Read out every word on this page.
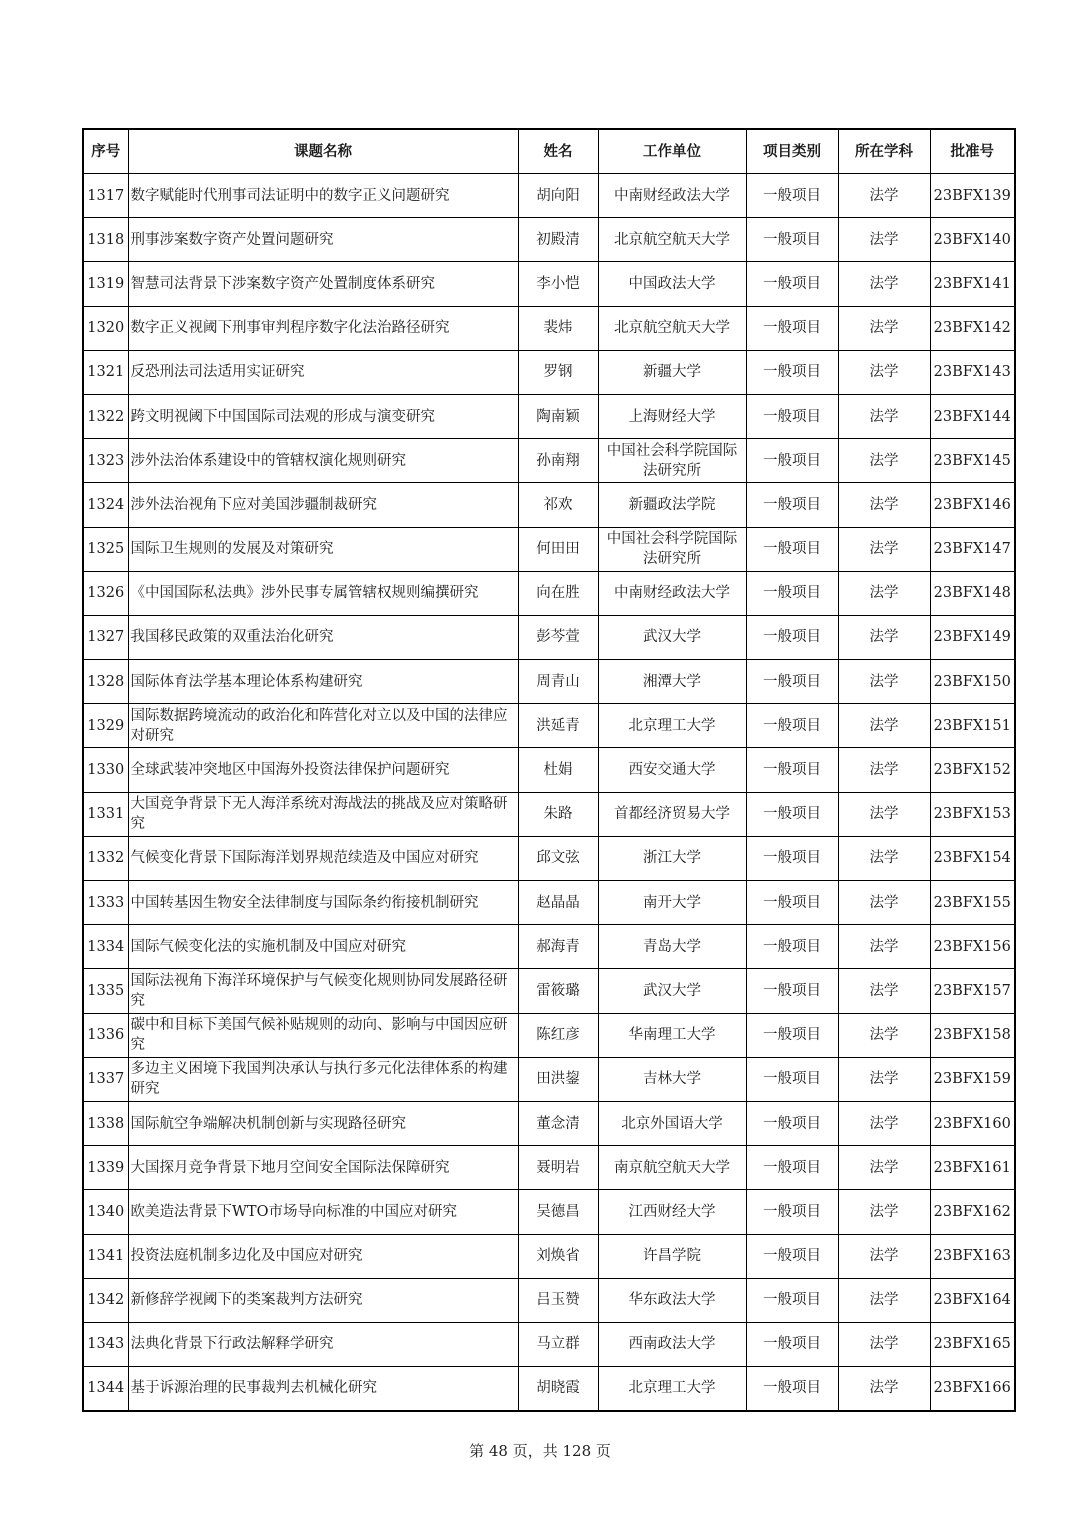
序号	课题名称	姓名	工作单位	项目类别	所在学科	批准号
1317	数字赋能时代刑事司法证明中的数字正义问题研究	胡向阳	中南财经政法大学	一般项目	法学	23BFX139
1318	刑事涉案数字资产处置问题研究	初殿清	北京航空航天大学	一般项目	法学	23BFX140
1319	智慧司法背景下涉案数字资产处置制度体系研究	李小恺	中国政法大学	一般项目	法学	23BFX141
1320	数字正义视阈下刑事审判程序数字化法治路径研究	裴炜	北京航空航天大学	一般项目	法学	23BFX142
1321	反恐刑法司法适用实证研究	罗钢	新疆大学	一般项目	法学	23BFX143
1322	跨文明视阈下中国国际司法观的形成与演变研究	陶南颖	上海财经大学	一般项目	法学	23BFX144
1323	涉外法治体系建设中的管辖权演化规则研究	孙南翔	中国社会科学院国际法研究所	一般项目	法学	23BFX145
1324	涉外法治视角下应对美国涉疆制裁研究	祁欢	新疆政法学院	一般项目	法学	23BFX146
1325	国际卫生规则的发展及对策研究	何田田	中国社会科学院国际法研究所	一般项目	法学	23BFX147
1326	《中国国际私法典》涉外民事专属管辖权规则编撰研究	向在胜	中南财经政法大学	一般项目	法学	23BFX148
1327	我国移民政策的双重法治化研究	彭芩萱	武汉大学	一般项目	法学	23BFX149
1328	国际体育法学基本理论体系构建研究	周青山	湘潭大学	一般项目	法学	23BFX150
1329	国际数据跨境流动的政治化和阵营化对立以及中国的法律应对研究	洪延青	北京理工大学	一般项目	法学	23BFX151
1330	全球武装冲突地区中国海外投资法律保护问题研究	杜娟	西安交通大学	一般项目	法学	23BFX152
1331	大国竞争背景下无人海洋系统对海战法的挑战及应对策略研究	朱路	首都经济贸易大学	一般项目	法学	23BFX153
1332	气候变化背景下国际海洋划界规范续造及中国应对研究	邱文弦	浙江大学	一般项目	法学	23BFX154
1333	中国转基因生物安全法律制度与国际条约衔接机制研究	赵晶晶	南开大学	一般项目	法学	23BFX155
1334	国际气候变化法的实施机制及中国应对研究	郝海青	青岛大学	一般项目	法学	23BFX156
1335	国际法视角下海洋环境保护与气候变化规则协同发展路径研究	雷筱璐	武汉大学	一般项目	法学	23BFX157
1336	碳中和目标下美国气候补贴规则的动向、影响与中国因应研究	陈红彦	华南理工大学	一般项目	法学	23BFX158
1337	多边主义困境下我国判决承认与执行多元化法律体系的构建研究	田洪鋆	吉林大学	一般项目	法学	23BFX159
1338	国际航空争端解决机制创新与实现路径研究	董念清	北京外国语大学	一般项目	法学	23BFX160
1339	大国探月竞争背景下地月空间安全国际法保障研究	聂明岩	南京航空航天大学	一般项目	法学	23BFX161
1340	欧美造法背景下WTO市场导向标准的中国应对研究	吴德昌	江西财经大学	一般项目	法学	23BFX162
1341	投资法庭机制多边化及中国应对研究	刘焕省	许昌学院	一般项目	法学	23BFX163
1342	新修辞学视阈下的类案裁判方法研究	吕玉赞	华东政法大学	一般项目	法学	23BFX164
1343	法典化背景下行政法解释学研究	马立群	西南政法大学	一般项目	法学	23BFX165
1344	基于诉源治理的民事裁判去机械化研究	胡晓霞	北京理工大学	一般项目	法学	23BFX166
第 48 页，共 128 页
